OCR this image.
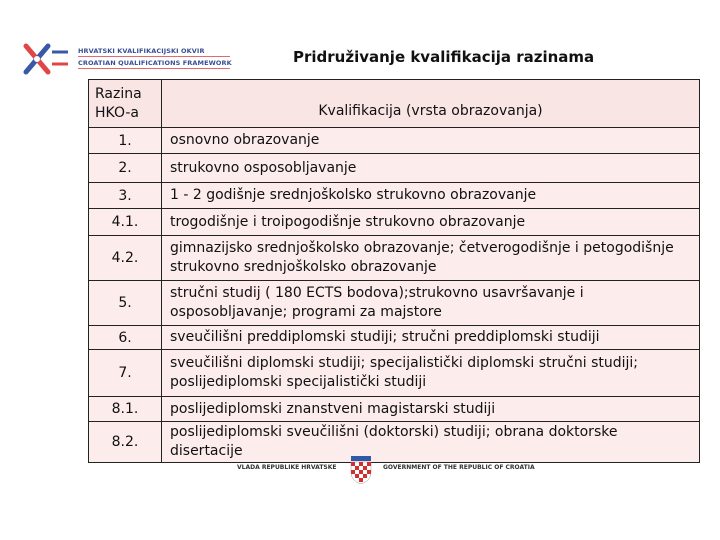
HRVATSKI KVALIFIKACIJSKI OKVIR
CROATIAN QUALIFICATIONS FRAMEWORK	Pridruživanje kvalifikacija razinama
Razina HKO-a	Kvalifikacija (vrsta obrazovanja)
1.	osnovno obrazovanje
2.	strukovno osposobljavanje
3.	1 - 2 godišnje srednjoškolsko strukovno obrazovanje
4.1.	trogodišnje i troipogodišnje strukovno obrazovanje
4.2.	gimnazijsko srednjoškolsko obrazovanje; četverogodišnje i petogodišnje strukovno srednjoškolsko obrazovanje
5.	stručni studij ( 180 ECTS bodova);strukovno usavršavanje i osposobljavanje; programi za majstore
6.	sveučilišni preddiplomski studiji; stručni preddiplomski studiji
7.	sveučilišni diplomski studiji; specijalistički diplomski stručni studiji; poslijediplomski specijalistički studiji
8.1.	poslijediplomski znanstveni magistarski studiji
8.2.	poslijediplomski sveučilišni (doktorski) studiji; obrana doktorske disertacije
VLADA REPUBLIKE HRVATSKE	GOVERNMENT OF THE REPUBLIC OF CROATIA
